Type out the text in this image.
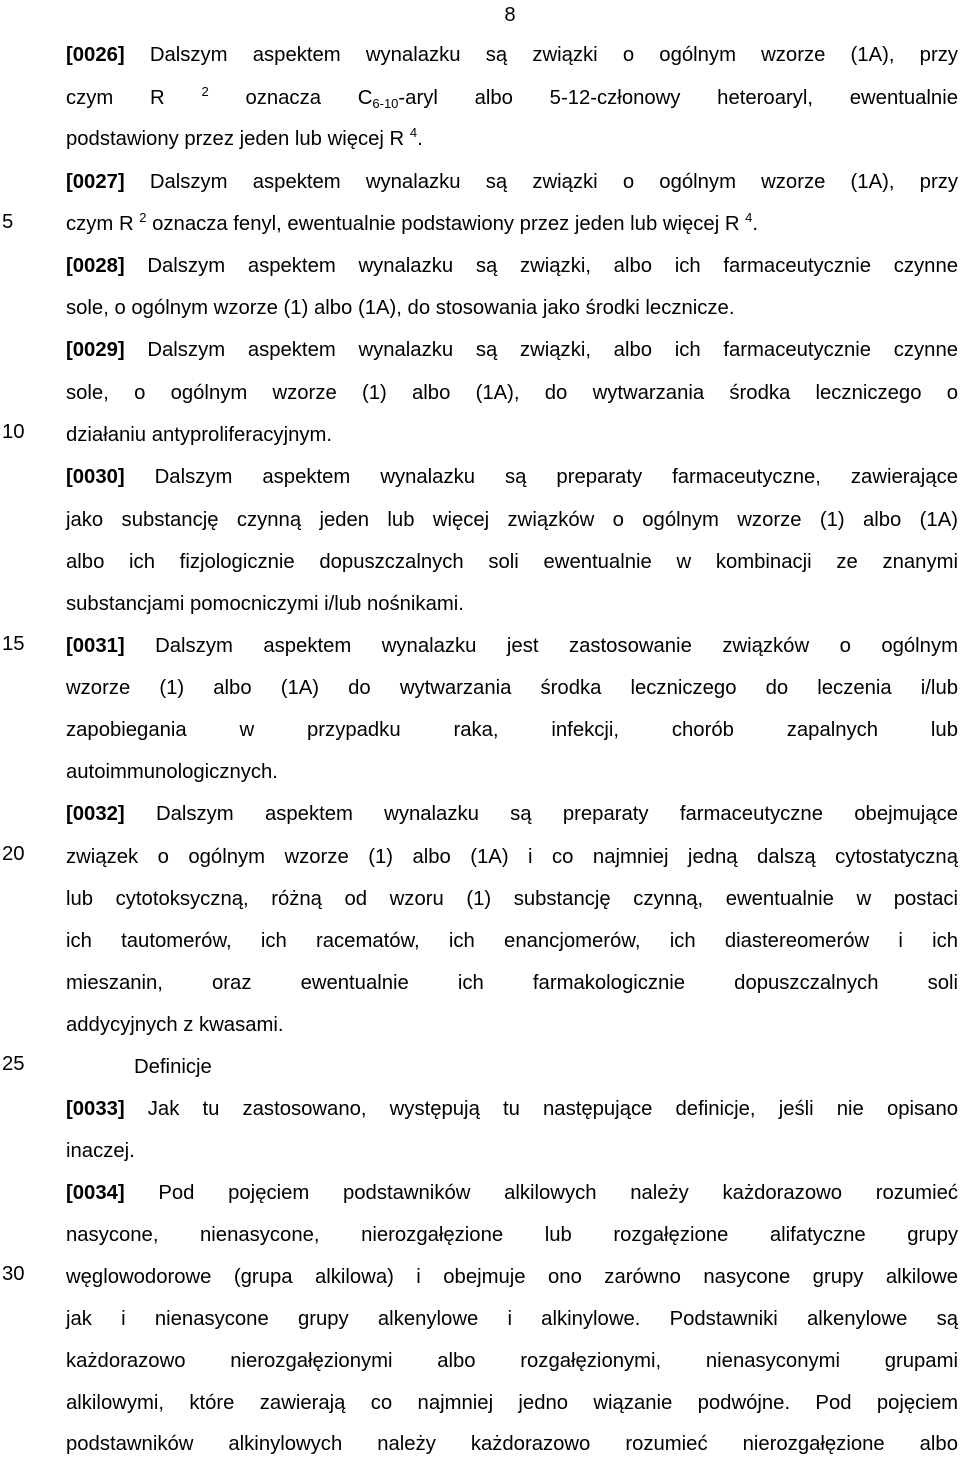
8
5
10
15
20
25
30
[0026] Dalszym aspektem wynalazku są związki o ogólnym wzorze (1A), przy
czym R	$^2$ oznacza $C_{6-10}$-aryl albo 5-12-członowy heteroaryl, ewentualnie
podstawiony przez jeden lub więcej R $^4$.
[0027] Dalszym aspektem wynalazku są związki o ogólnym wzorze (1A), przy
czym R $^2$ oznacza fenyl, ewentualnie podstawiony przez jeden lub więcej R $^4$.
[0028] Dalszym aspektem wynalazku są związki, albo ich farmaceutycznie czynne
sole, o ogólnym wzorze (1) albo (1A), do stosowania jako środki lecznicze.
[0029] Dalszym aspektem wynalazku są związki, albo ich farmaceutycznie czynne
sole, o ogólnym wzorze (1) albo (1A), do wytwarzania środka leczniczego o
działaniu antyproliferacyjnym.
[0030] Dalszym aspektem wynalazku są preparaty farmaceutyczne, zawierające
jako substancję czynną jeden lub więcej związków o ogólnym wzorze (1) albo (1A)
albo ich fizjologicznie dopuszczalnych soli ewentualnie w kombinacji ze znanymi
substancjami pomocniczymi i/lub nośnikami.
[0031] Dalszym aspektem wynalazku jest zastosowanie związków o ogólnym
wzorze (1) albo (1A) do wytwarzania środka leczniczego do leczenia i/lub
zapobiegania w przypadku raka, infekcji, chorób zapalnych lub
autoimmunologicznych.
[0032] Dalszym aspektem wynalazku są preparaty farmaceutyczne obejmujące
związek o ogólnym wzorze (1) albo (1A) i co najmniej jedną dalszą cytostatyczną
lub cytotoksyczną, różną od wzoru (1) substancję czynną, ewentualnie w postaci
ich tautomerów, ich racematów, ich enancjomerów, ich diastereomerów i ich
mieszanin, oraz ewentualnie ich farmakologicznie dopuszczalnych soli
addycyjnych z kwasami.
Definicje
[0033] Jak tu zastosowano, występują tu następujące definicje, jeśli nie opisano
inaczej.
[0034] Pod pojęciem podstawników alkilowych należy każdorazowo rozumieć
nasycone, nienasycone, nierozgałęzione lub rozgałęzione alifatyczne grupy
węglowodorowe (grupa alkilowa) i obejmuje ono zarówno nasycone grupy alkilowe
jak i nienasycone grupy alkenylowe i alkinylowe. Podstawniki alkenylowe są
każdorazowo nierozgałęzionymi albo rozgałęzionymi, nienasyconymi grupami
alkilowymi, które zawierają co najmniej jedno wiązanie podwójne. Pod pojęciem
podstawników alkinylowych należy każdorazowo rozumieć nierozgałęzione albo
